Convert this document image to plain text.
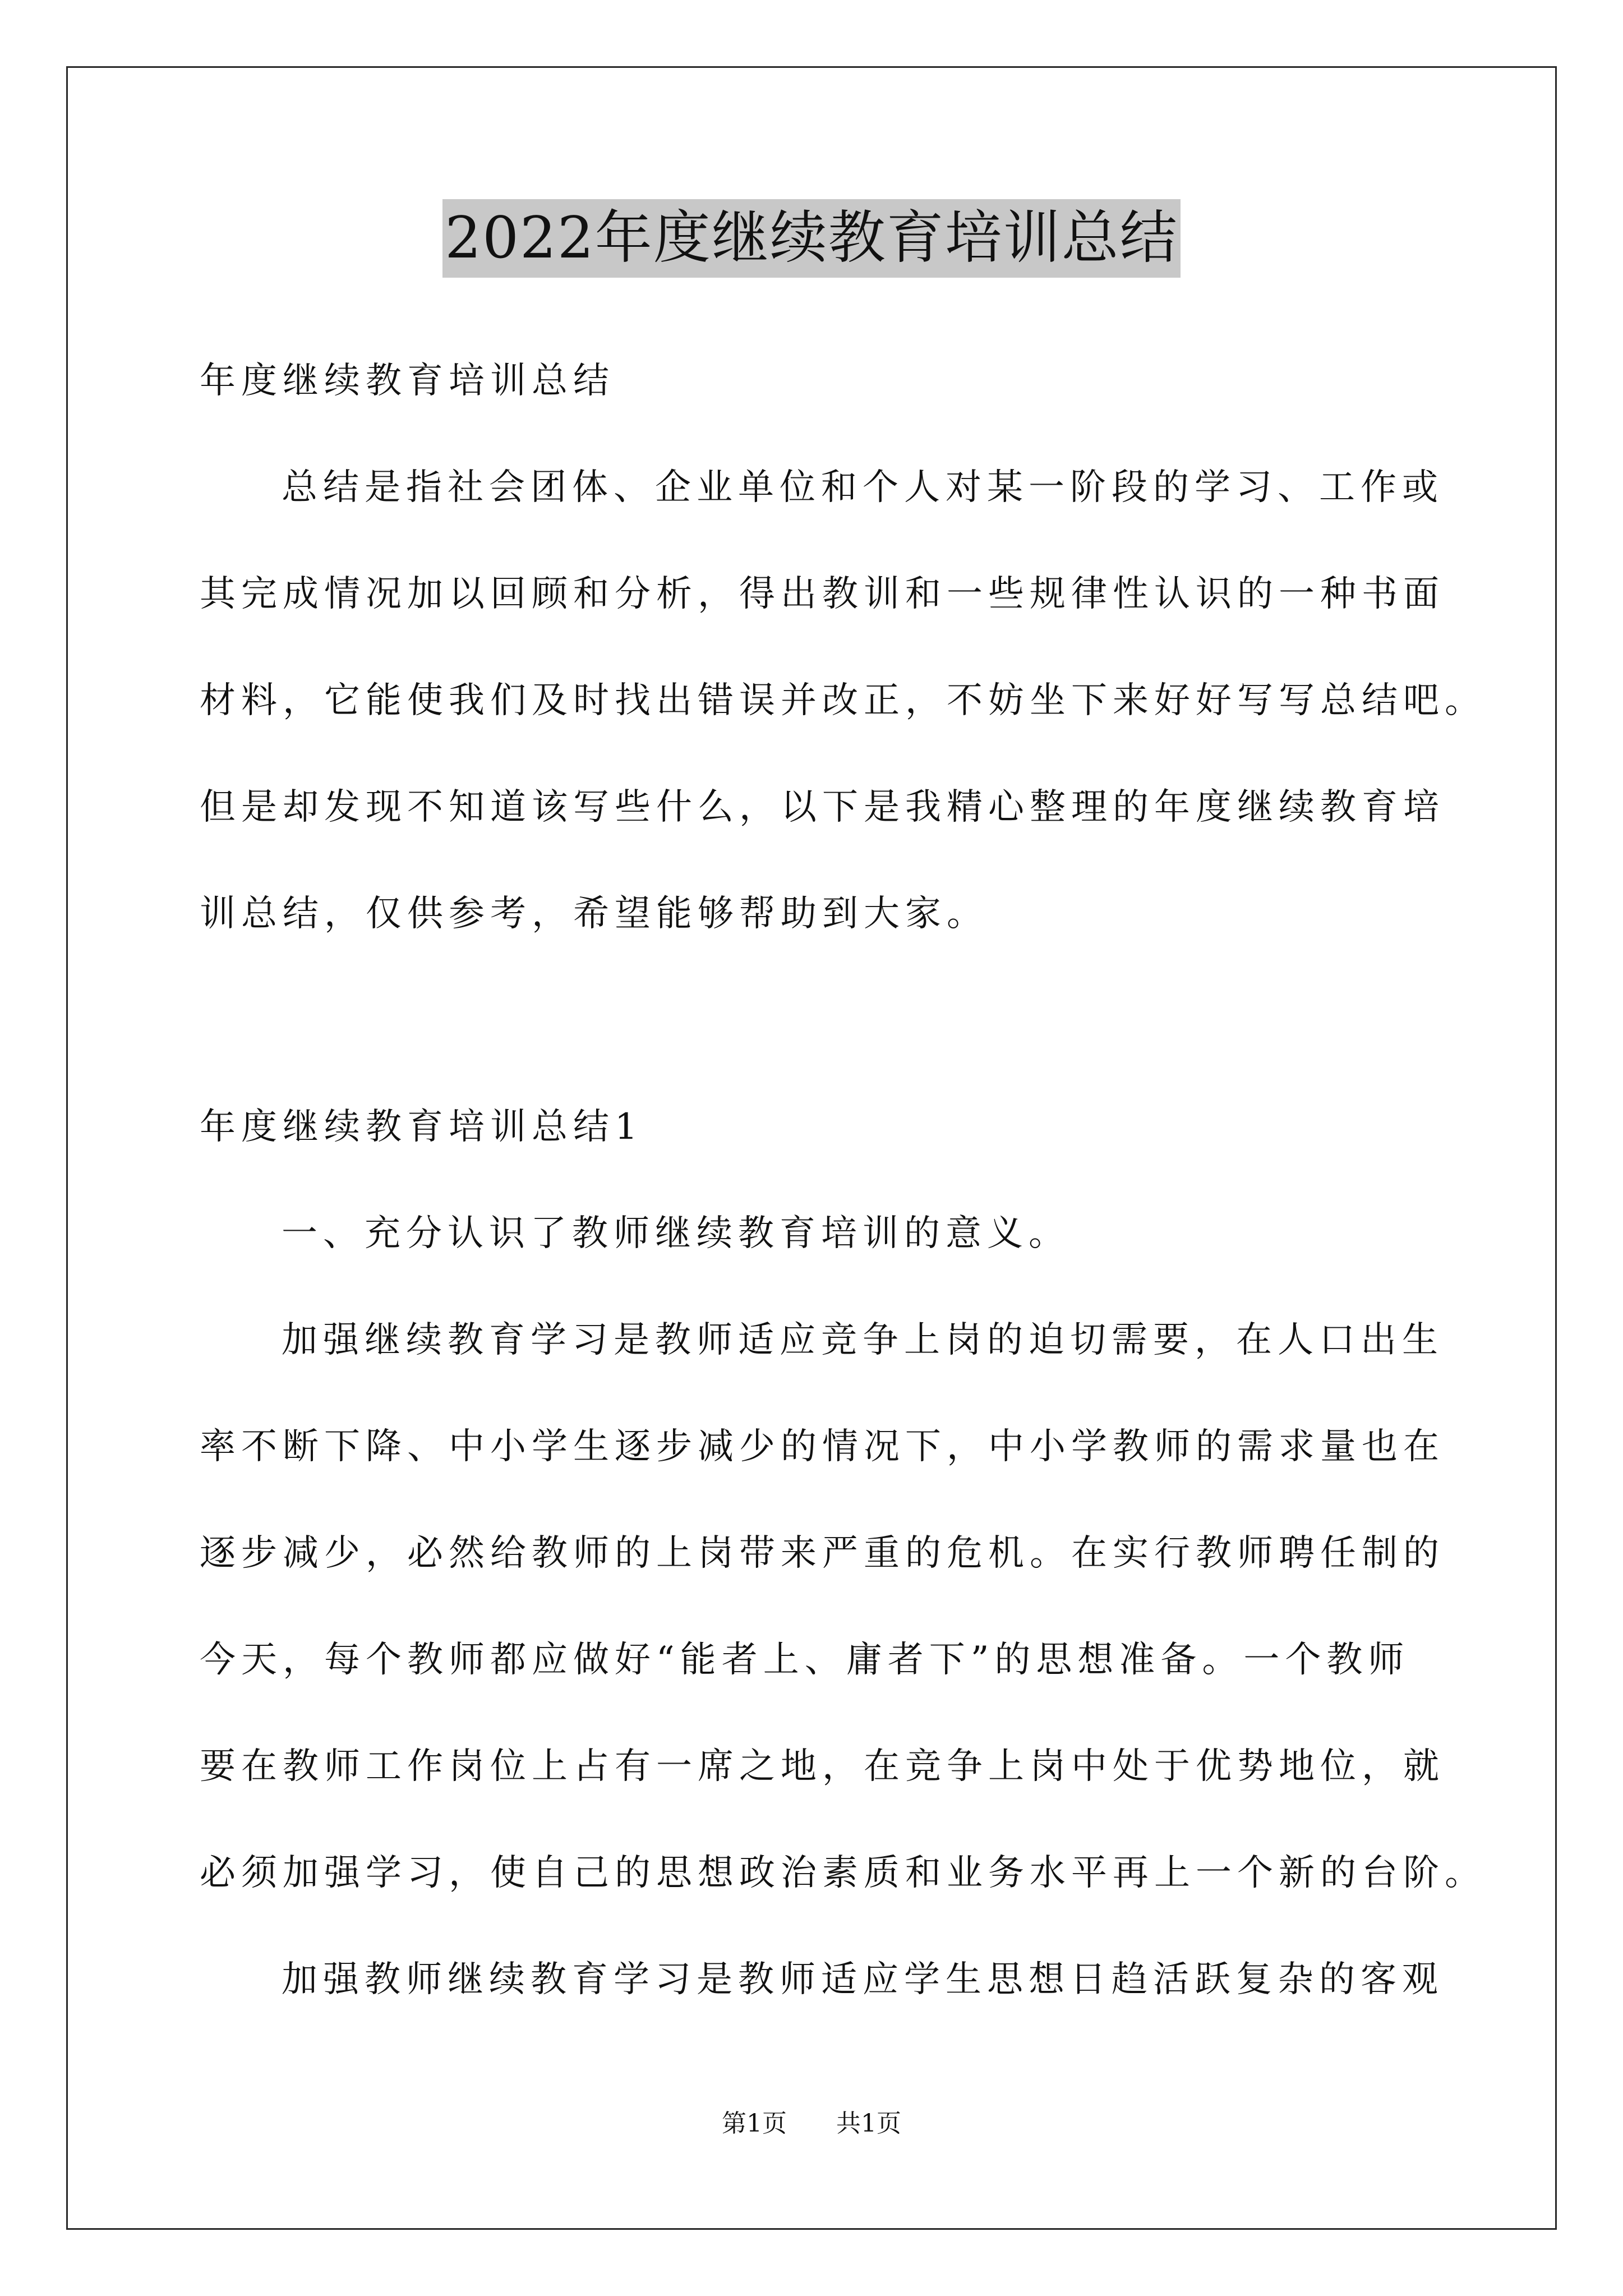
2022年度继续教育培训总结
年度继续教育培训总结
总结是指社会团体、企业单位和个人对某一阶段的学习、工作或
其完成情况加以回顾和分析，得出教训和一些规律性认识的一种书面
材料，它能使我们及时找出错误并改正，不妨坐下来好好写写总结吧。
但是却发现不知道该写些什么，以下是我精心整理的年度继续教育培
训总结，仅供参考，希望能够帮助到大家。
年度继续教育培训总结1
一、充分认识了教师继续教育培训的意义。
加强继续教育学习是教师适应竞争上岗的迫切需要，在人口出生
率不断下降、中小学生逐步减少的情况下，中小学教师的需求量也在
逐步减少，必然给教师的上岗带来严重的危机。在实行教师聘任制的
今天，每个教师都应做好“能者上、庸者下”的思想准备。一个教师
要在教师工作岗位上占有一席之地，在竞争上岗中处于优势地位，就
必须加强学习，使自己的思想政治素质和业务水平再上一个新的台阶。
加强教师继续教育学习是教师适应学生思想日趋活跃复杂的客观
第1页 共1页
